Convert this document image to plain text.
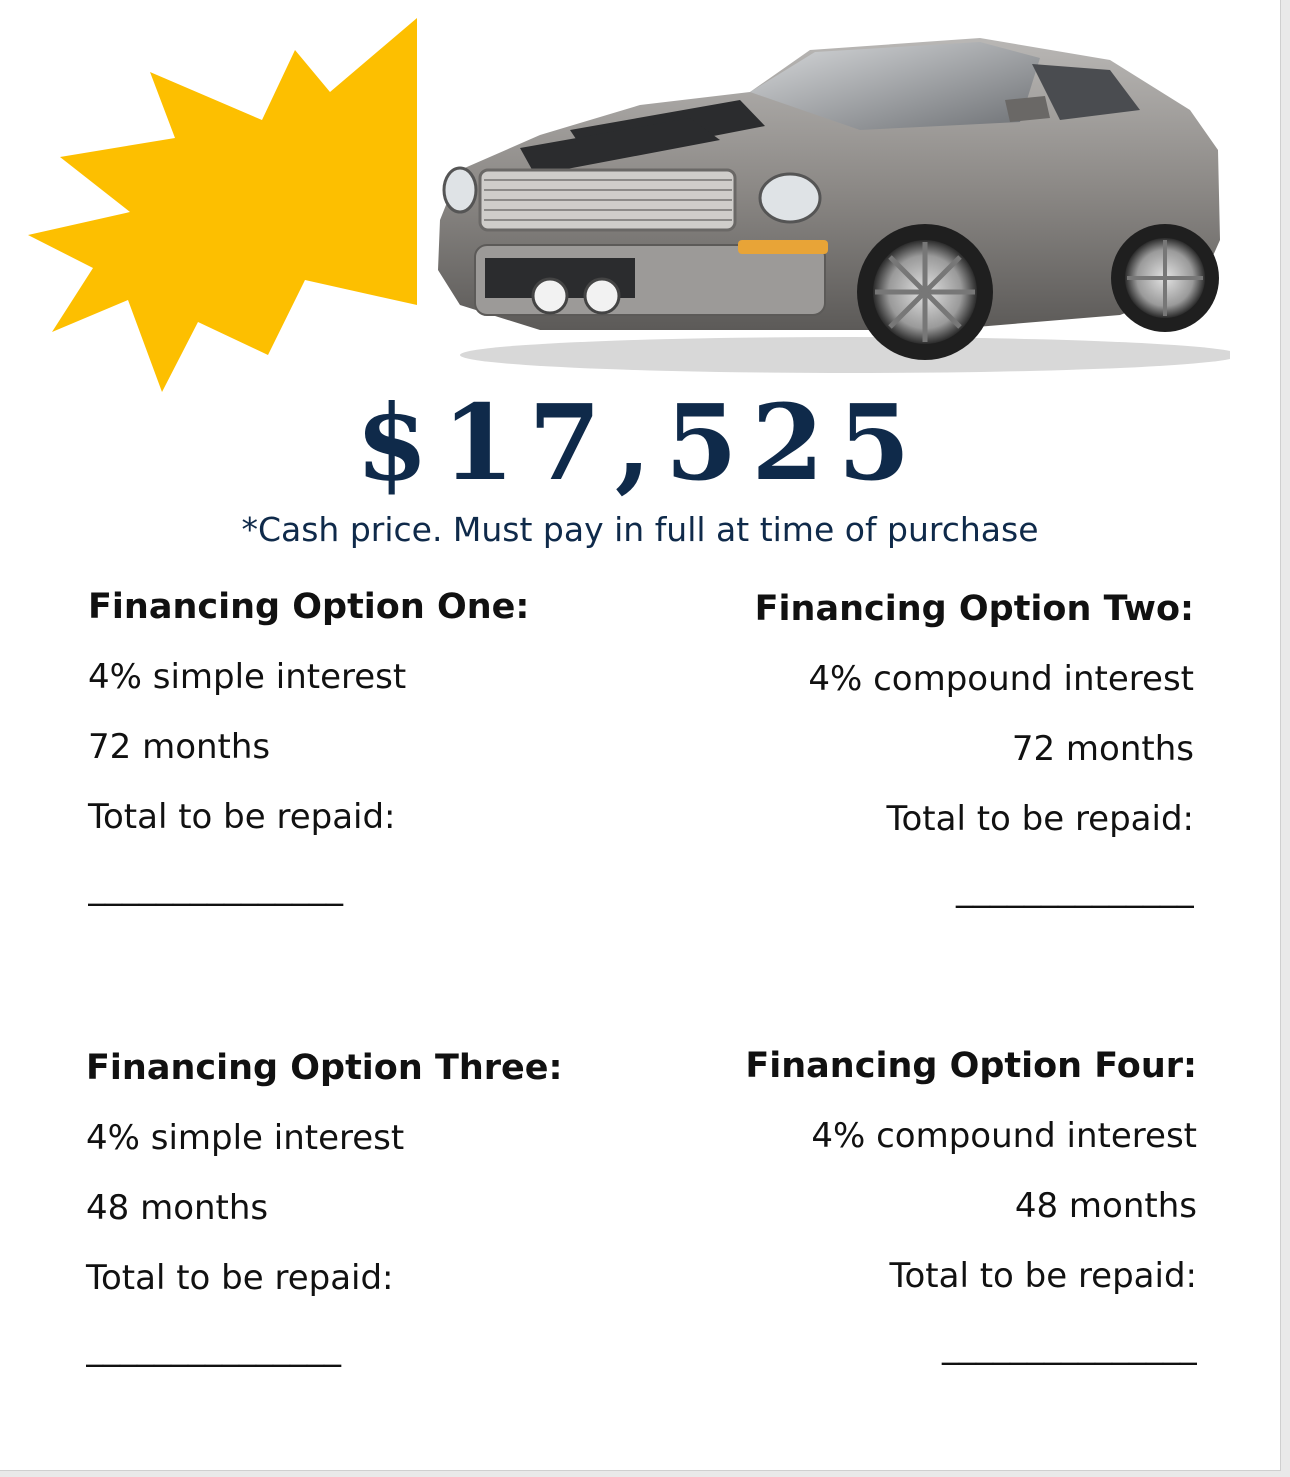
$17,525
*Cash price. Must pay in full at time of purchase
Financing Option One:
4% simple interest
72 months
Total to be repaid:
_______________
Financing Option Two:
4% compound interest
72 months
Total to be repaid:
______________
Financing Option Three:
4% simple interest
48 months
Total to be repaid:
_______________
Financing Option Four:
4% compound interest
48 months
Total to be repaid:
_______________
